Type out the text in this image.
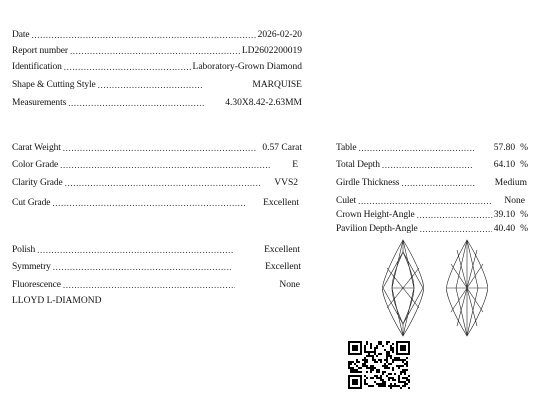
Date .....	2026-02-20
Report number .....	LD2602200019
Identification .....	Laboratory-Grown Diamond
Shape & Cutting Style .....	MARQUISE
Measurements .....	4.30X8.42-2.63MM
Carat Weight .....	0.57 Carat
Color Grade .....	E
Clarity Grade .....	VVS2
Cut Grade .....	Excellent
Polish .....	Excellent
Symmetry .....	Excellent
Fluorescence .....	None
LLOYD L-DIAMOND
Table .....	57.80 %
Total Depth .....	64.10 %
Girdle Thickness .....	Medium
Culet .....	None
Crown Height-Angle .....	39.10 %
Pavilion Depth-Angle .....	40.40 %
